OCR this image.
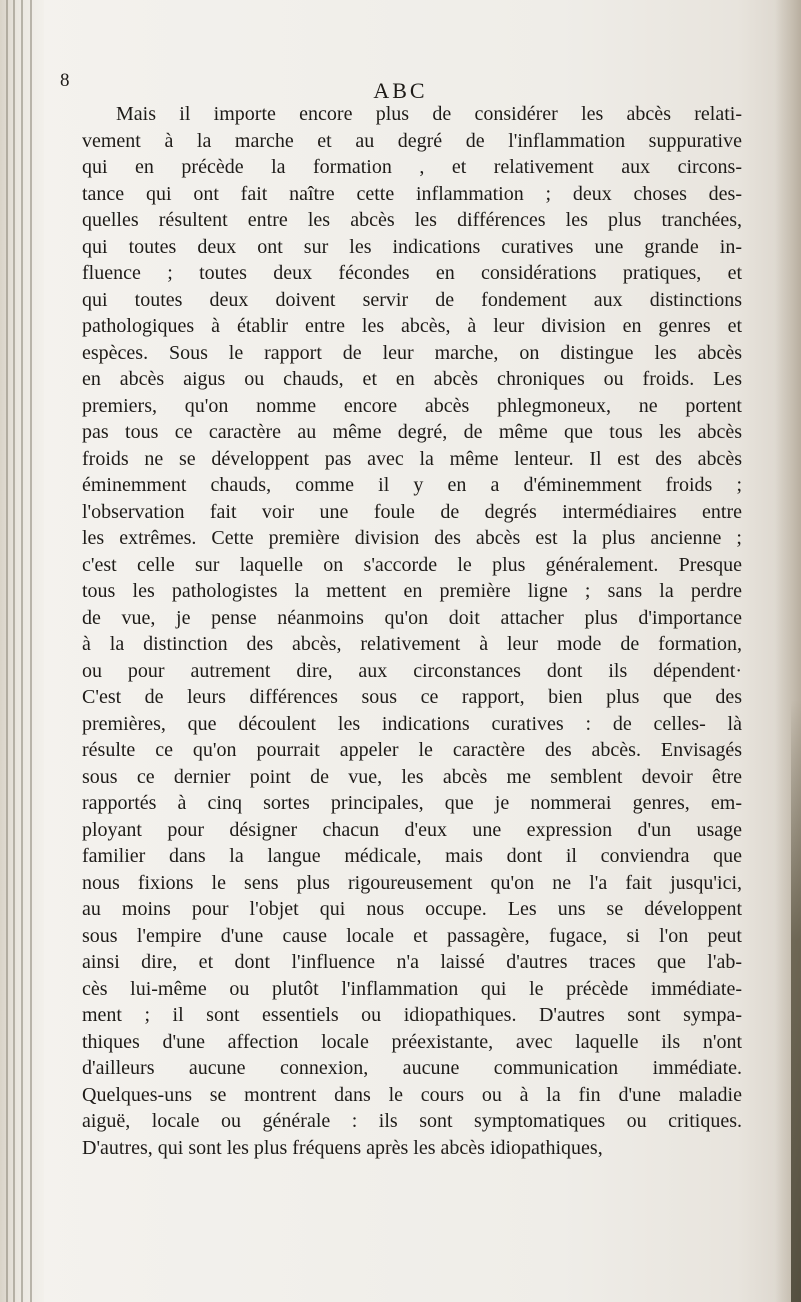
8	ABC
Mais il importe encore plus de considérer les abcès relati-
vement à la marche et au degré de l'inflammation suppurative
qui en précède la formation , et relativement aux circons-
tance qui ont fait naître cette inflammation ; deux choses des-
quelles résultent entre les abcès les différences les plus tranchées,
qui toutes deux ont sur les indications curatives une grande in-
fluence ; toutes deux fécondes en considérations pratiques, et
qui toutes deux doivent servir de fondement aux distinctions
pathologiques à établir entre les abcès, à leur division en genres et
espèces. Sous le rapport de leur marche, on distingue les abcès
en abcès aigus ou chauds, et en abcès chroniques ou froids. Les
premiers, qu'on nomme encore abcès phlegmoneux, ne portent
pas tous ce caractère au même degré, de même que tous les abcès
froids ne se développent pas avec la même lenteur. Il est des abcès
éminemment chauds, comme il y en a d'éminemment froids ;
l'observation fait voir une foule de degrés intermédiaires entre
les extrêmes. Cette première division des abcès est la plus ancienne ;
c'est celle sur laquelle on s'accorde le plus généralement. Presque
tous les pathologistes la mettent en première ligne ; sans la perdre
de vue, je pense néanmoins qu'on doit attacher plus d'importance
à la distinction des abcès, relativement à leur mode de formation,
ou pour autrement dire, aux circonstances dont ils dépendent·
C'est de leurs différences sous ce rapport, bien plus que des
premières, que découlent les indications curatives : de celles- là
résulte ce qu'on pourrait appeler le caractère des abcès. Envisagés
sous ce dernier point de vue, les abcès me semblent devoir être
rapportés à cinq sortes principales, que je nommerai genres, em-
ployant pour désigner chacun d'eux une expression d'un usage
familier dans la langue médicale, mais dont il conviendra que
nous fixions le sens plus rigoureusement qu'on ne l'a fait jusqu'ici,
au moins pour l'objet qui nous occupe. Les uns se développent
sous l'empire d'une cause locale et passagère, fugace, si l'on peut
ainsi dire, et dont l'influence n'a laissé d'autres traces que l'ab-
cès lui-même ou plutôt l'inflammation qui le précède immédiate-
ment ; il sont essentiels ou idiopathiques. D'autres sont sympa-
thiques d'une affection locale préexistante, avec laquelle ils n'ont
d'ailleurs aucune connexion, aucune communication immédiate.
Quelques-uns se montrent dans le cours ou à la fin d'une maladie
aiguë, locale ou générale : ils sont symptomatiques ou critiques.
D'autres, qui sont les plus fréquens après les abcès idiopathiques,
